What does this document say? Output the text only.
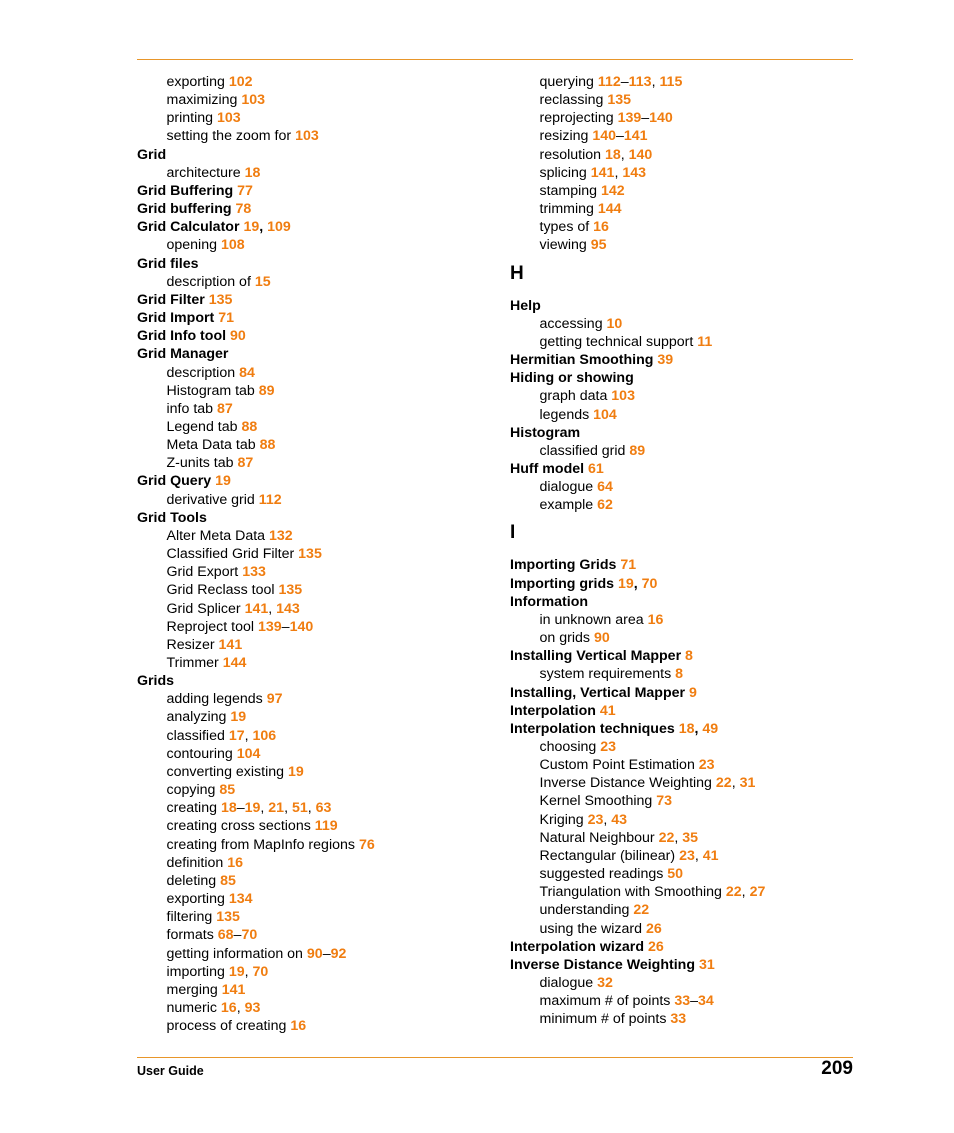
exporting 102
maximizing 103
printing 103
setting the zoom for 103
Grid
architecture 18
Grid Buffering 77
Grid buffering 78
Grid Calculator 19, 109
opening 108
Grid files
description of 15
Grid Filter 135
Grid Import 71
Grid Info tool 90
Grid Manager
description 84
Histogram tab 89
info tab 87
Legend tab 88
Meta Data tab 88
Z-units tab 87
Grid Query 19
derivative grid 112
Grid Tools
Alter Meta Data 132
Classified Grid Filter 135
Grid Export 133
Grid Reclass tool 135
Grid Splicer 141, 143
Reproject tool 139–140
Resizer 141
Trimmer 144
Grids
adding legends 97
analyzing 19
classified 17, 106
contouring 104
converting existing 19
copying 85
creating 18–19, 21, 51, 63
creating cross sections 119
creating from MapInfo regions 76
definition 16
deleting 85
exporting 134
filtering 135
formats 68–70
getting information on 90–92
importing 19, 70
merging 141
numeric 16, 93
process of creating 16
querying 112–113, 115
reclassing 135
reprojecting 139–140
resizing 140–141
resolution 18, 140
splicing 141, 143
stamping 142
trimming 144
types of 16
viewing 95
H
Help
accessing 10
getting technical support 11
Hermitian Smoothing 39
Hiding or showing
graph data 103
legends 104
Histogram
classified grid 89
Huff model 61
dialogue 64
example 62
I
Importing Grids 71
Importing grids 19, 70
Information
in unknown area 16
on grids 90
Installing Vertical Mapper 8
system requirements 8
Installing, Vertical Mapper 9
Interpolation 41
Interpolation techniques 18, 49
choosing 23
Custom Point Estimation 23
Inverse Distance Weighting 22, 31
Kernel Smoothing 73
Kriging 23, 43
Natural Neighbour 22, 35
Rectangular (bilinear) 23, 41
suggested readings 50
Triangulation with Smoothing 22, 27
understanding 22
using the wizard 26
Interpolation wizard 26
Inverse Distance Weighting 31
dialogue 32
maximum # of points 33–34
minimum # of points 33
User Guide	209
